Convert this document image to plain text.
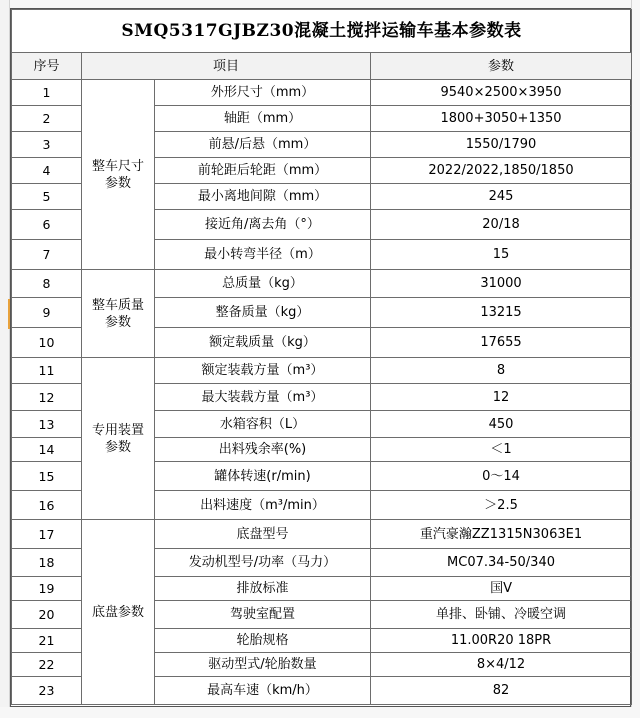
SMQ5317GJBZ30混凝土搅拌运输车基本参数表			
序号	项目		参数
1	整车尺寸参数	外形尺寸（mm）	9540×2500×3950
2		轴距（mm）	1800+3050+1350
3		前悬/后悬（mm）	1550/1790
4		前轮距后轮距（mm）	2022/2022,1850/1850
5		最小离地间隙（mm）	245
6		接近角/离去角（°）	20/18
7		最小转弯半径（m）	15
8	整车质量参数	总质量（kg）	31000
9		整备质量（kg）	13215
10		额定载质量（kg）	17655
11	专用装置参数	额定装载方量（m³）	8
12		最大装载方量（m³）	12
13		水箱容积（L）	450
14		出料残余率(%)	＜1
15		罐体转速(r/min)	0～14
16		出料速度（m³/min）	＞2.5
17	底盘参数	底盘型号	重汽豪瀚ZZ1315N3063E1
18		发动机型号/功率（马力）	MC07.34-50/340
19		排放标准	国Ⅴ
20		驾驶室配置	单排、卧铺、冷暖空调
21		轮胎规格	11.00R20 18PR
22		驱动型式/轮胎数量	8×4/12
23		最高车速（km/h）	82
